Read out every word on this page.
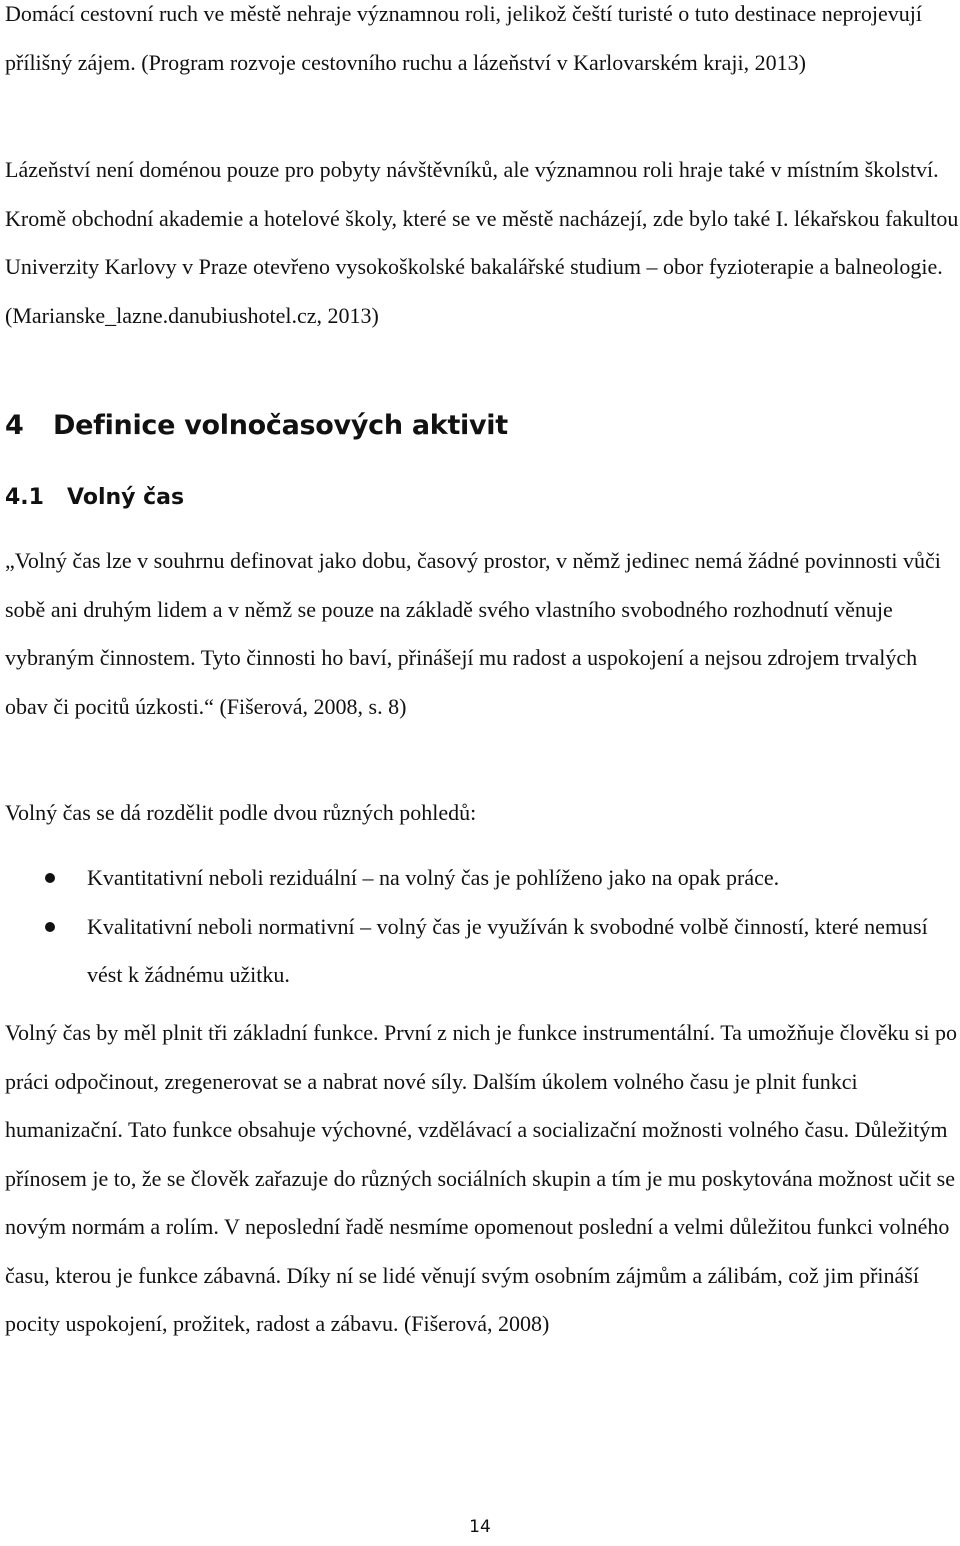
Domácí cestovní ruch ve městě nehraje významnou roli, jelikož čeští turisté o tuto destinace neprojevují přílišný zájem. (Program rozvoje cestovního ruchu a lázeňství v Karlovarském kraji, 2013)

Lázeňství není doménou pouze pro pobyty návštěvníků, ale významnou roli hraje také v místním školství. Kromě obchodní akademie a hotelové školy, které se ve městě nacházejí, zde bylo také I. lékařskou fakultou Univerzity Karlovy v Praze otevřeno vysokoškolské bakalářské studium – obor fyzioterapie a balneologie. (Marianske_lazne.danubiushotel.cz, 2013)

4 Definice volnočasových aktivit
4.1 Volný čas

„Volný čas lze v souhrnu definovat jako dobu, časový prostor, v němž jedinec nemá žádné povinnosti vůči sobě ani druhým lidem a v němž se pouze na základě svého vlastního svobodného rozhodnutí věnuje vybraným činnostem. Tyto činnosti ho baví, přinášejí mu radost a uspokojení a nejsou zdrojem trvalých obav či pocitů úzkosti.“ (Fišerová, 2008, s. 8)

Volný čas se dá rozdělit podle dvou různých pohledů:

Kvantitativní neboli reziduální – na volný čas je pohlíženo jako na opak práce.
Kvalitativní neboli normativní – volný čas je využíván k svobodné volbě činností, které nemusí vést k žádnému užitku.

Volný čas by měl plnit tři základní funkce. První z nich je funkce instrumentální. Ta umožňuje člověku si po práci odpočinout, zregenerovat se a nabrat nové síly. Dalším úkolem volného času je plnit funkci humanizační. Tato funkce obsahuje výchovné, vzdělávací a socializační možnosti volného času. Důležitým přínosem je to, že se člověk zařazuje do různých sociálních skupin a tím je mu poskytována možnost učit se novým normám a rolím. V neposlední řadě nesmíme opomenout poslední a velmi důležitou funkci volného času, kterou je funkce zábavná. Díky ní se lidé věnují svým osobním zájmům a zálibám, což jim přináší pocity uspokojení, prožitek, radost a zábavu. (Fišerová, 2008)

14
